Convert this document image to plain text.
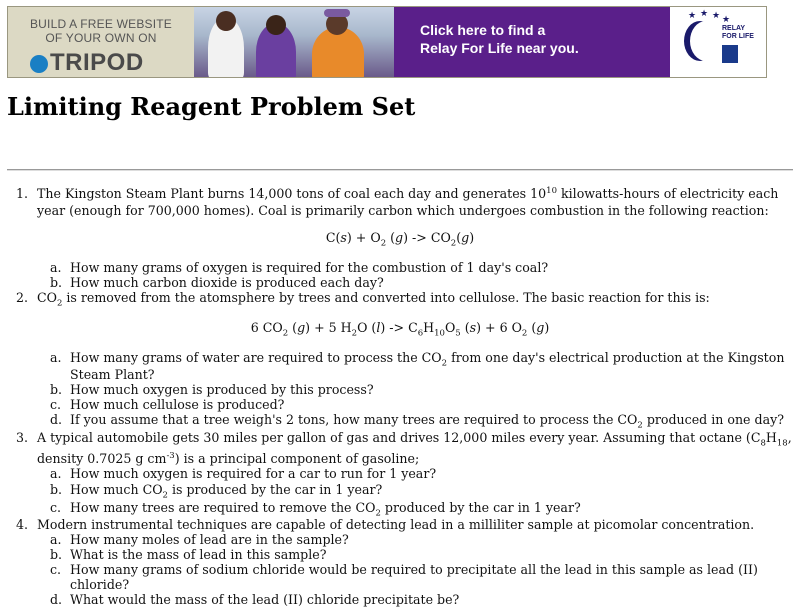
BUILD A FREE WEBSITE
OF YOUR OWN ON
TRIPOD
Click here to find a
Relay For Life near you.
★ ★ ★ ★
RELAY
FOR LIFE
Limiting Reagent Problem Set
1. The Kingston Steam Plant burns 14,000 tons of coal each day and generates $10^{10}$ kilowatts-hours of electricity each
year (enough for 700,000 homes). Coal is primarily carbon which undergoes combustion in the following reaction:
$C(s) + O_2$ $(g) -> CO_2(g)$
a. How many grams of oxygen is required for the combustion of 1 day's coal?
b. How much carbon dioxide is produced each day?
2. $CO_2$ is removed from the atomsphere by trees and converted into cellulose. The basic reaction for this is:
6 $CO_2$ (g) + 5 $H_2O$ $(l) -> C_6H_{10}O_5$ (s) + 6 $O_2$ (g)
a. How many grams of water are required to process the $CO_2$ from one day's electrical production at the Kingston
Steam Plant?
b. How much oxygen is produced by this process?
c. How much cellulose is produced?
d. If you assume that a tree weigh's 2 tons, how many trees are required to process the $CO_2$ produced in one day?
3. A typical automobile gets 30 miles per gallon of gas and drives 12,000 miles every year. Assuming that octane ($C_8H_{18}$,
density 0.7025 g $cm^{-3}$) is a principal component of gasoline;
a. How much oxygen is required for a car to run for 1 year?
b. How much $CO_2$ is produced by the car in 1 year?
c. How many trees are required to remove the $CO_2$ produced by the car in 1 year?
4. Modern instrumental techniques are capable of detecting lead in a milliliter sample at picomolar concentration.
a. How many moles of lead are in the sample?
b. What is the mass of lead in this sample?
c. How many grams of sodium chloride would be required to precipitate all the lead in this sample as lead (II)
chloride?
d. What would the mass of the lead (II) chloride precipitate be?
